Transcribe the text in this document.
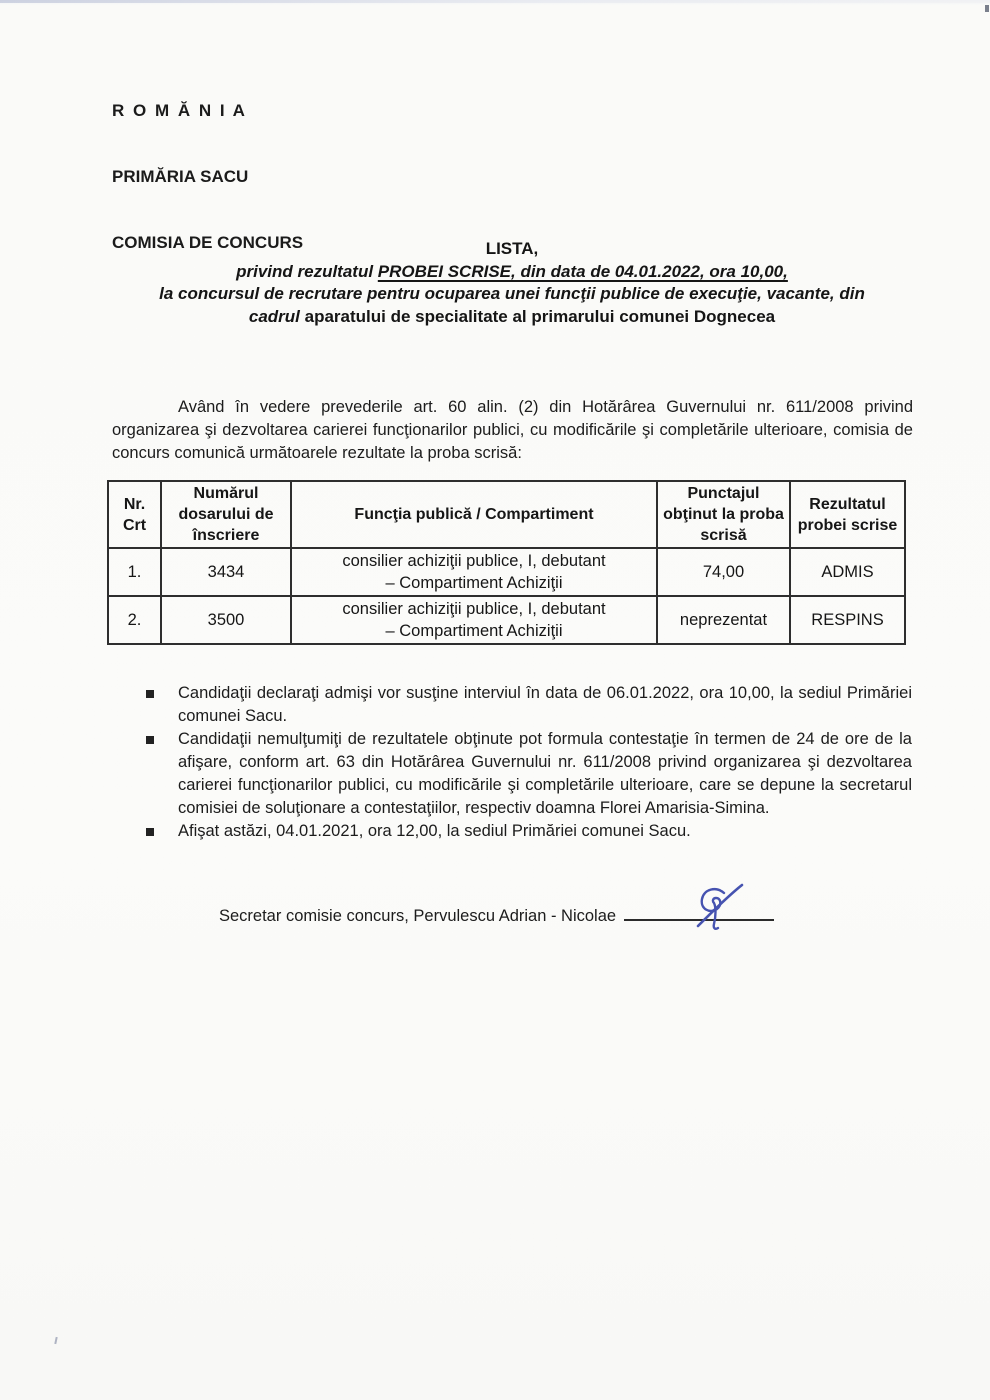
R O M Ă N I A

PRIMĂRIA SACU

COMISIA DE CONCURS	LISTA,
privind rezultatul PROBEI SCRISE, din data de 04.01.2022, ora 10,00,
la concursul de recrutare pentru ocuparea unei funcţii publice de execuţie, vacante, din
cadrul aparatului de specialitate al primarului comunei Dognecea

Având în vedere prevederile art. 60 alin. (2) din Hotărârea Guvernului nr. 611/2008 privind organizarea şi dezvoltarea carierei funcţionarilor publici, cu modificările şi completările ulterioare, comisia de concurs comunică următoarele rezultate la proba scrisă:

Nr. Crt	Numărul dosarului de înscriere	Funcţia publică / Compartiment	Punctajul obţinut la proba scrisă	Rezultatul probei scrise
1.	3434	consilier achiziţii publice, I, debutant
– Compartiment Achiziţii	74,00	ADMIS
2.	3500	consilier achiziţii publice, I, debutant
– Compartiment Achiziţii	neprezentat	RESPINS
Candidaţii declaraţi admişi vor susţine interviul în data de 06.01.2022, ora 10,00, la sediul Primăriei comunei Sacu.
Candidaţii nemulţumiţi de rezultatele obţinute pot formula contestaţie în termen de 24 de ore de la afişare, conform art. 63 din Hotărârea Guvernului nr. 611/2008 privind organizarea şi dezvoltarea carierei funcţionarilor publici, cu modificările şi completările ulterioare, care se depune la secretarul comisiei de soluţionare a contestaţiilor, respectiv doamna Florei Amarisia-Simina.
Afişat astăzi, 04.01.2021, ora 12,00, la sediul Primăriei comunei Sacu.
Secretar comisie concurs, Pervulescu Adrian - Nicolae
